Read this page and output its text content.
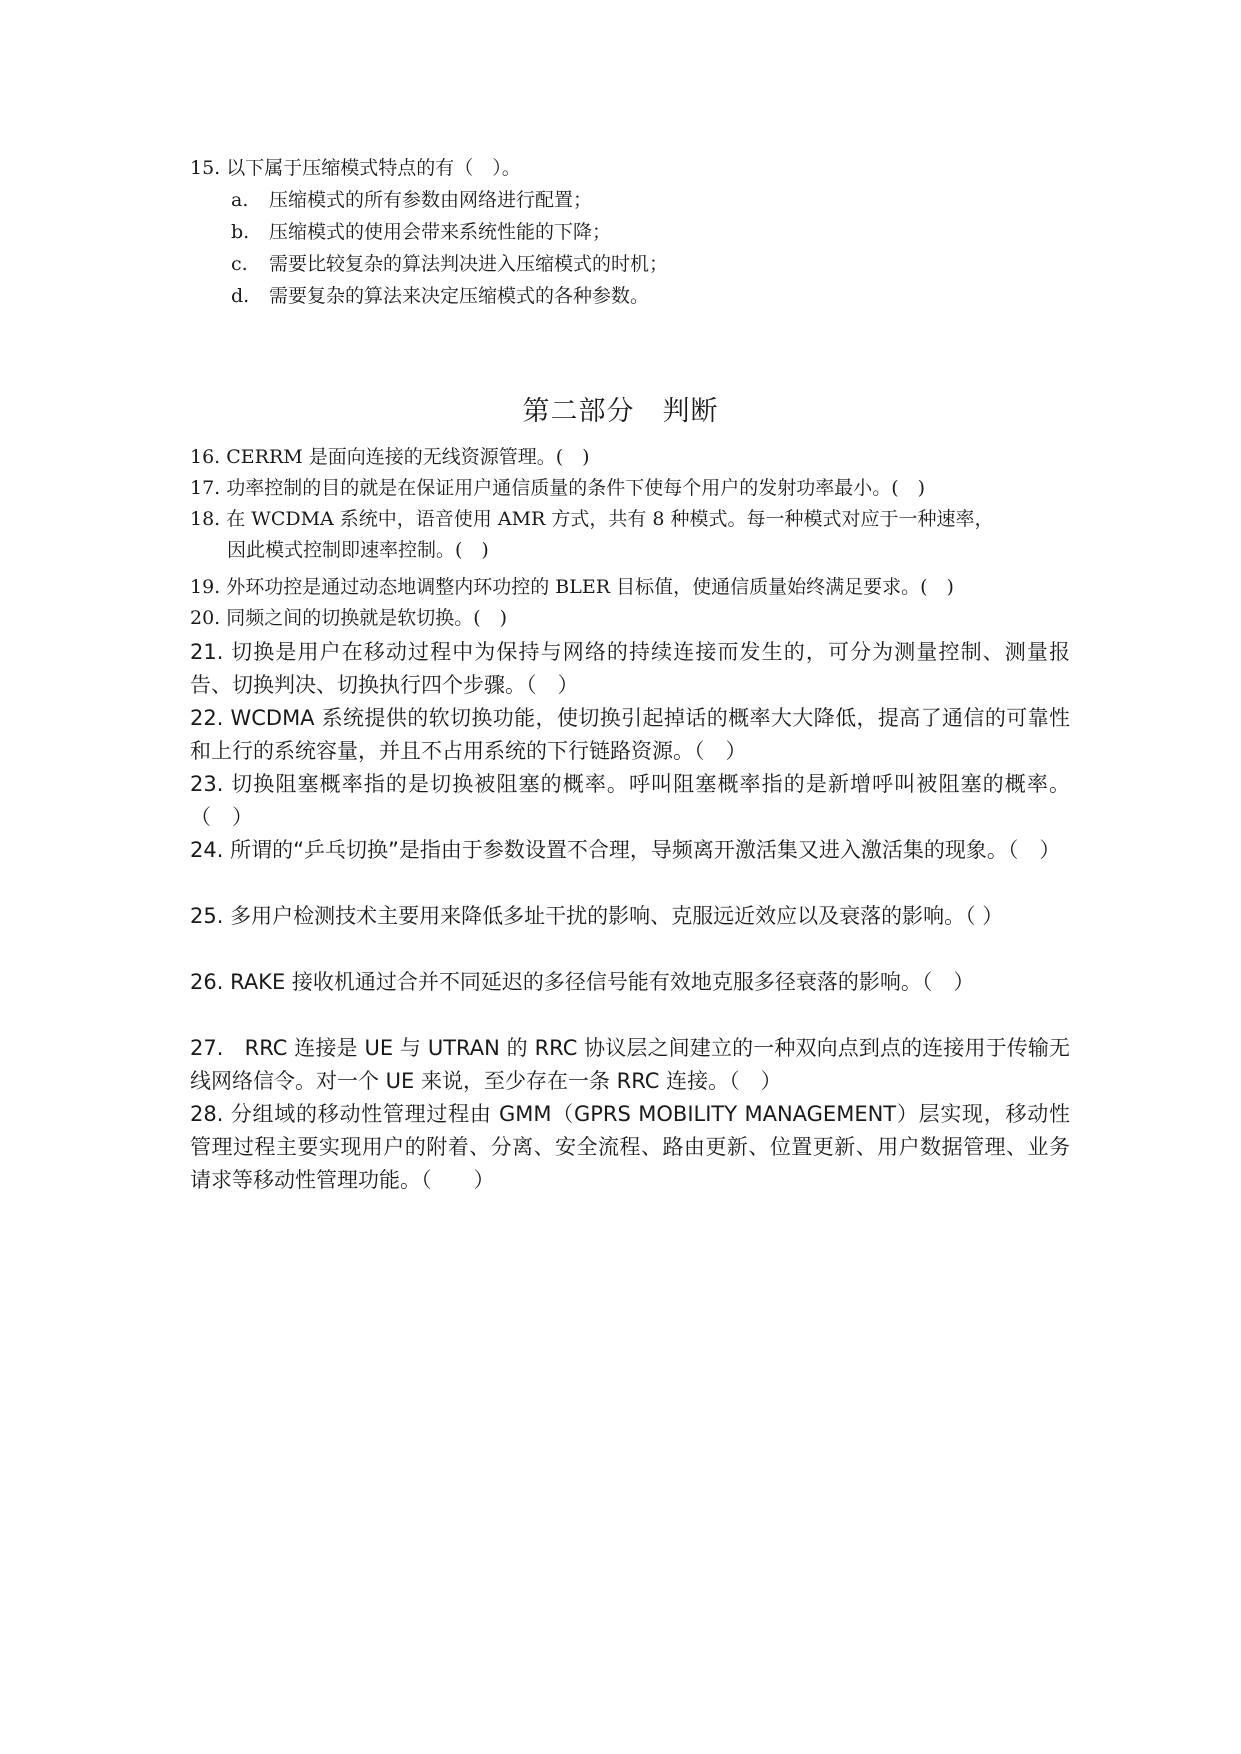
15. 以下属于压缩模式特点的有（　）。
a. 压缩模式的所有参数由网络进行配置；
b. 压缩模式的使用会带来系统性能的下降；
c. 需要比较复杂的算法判决进入压缩模式的时机；
d. 需要复杂的算法来决定压缩模式的各种参数。
第二部分　判断
16. CERRM 是面向连接的无线资源管理。(　)
17. 功率控制的目的就是在保证用户通信质量的条件下使每个用户的发射功率最小。(　)
18. 在 WCDMA 系统中，语音使用 AMR 方式，共有 8 种模式。每一种模式对应于一种速率，
因此模式控制即速率控制。(　)
19. 外环功控是通过动态地调整内环功控的 BLER 目标值，使通信质量始终满足要求。(　)
20. 同频之间的切换就是软切换。(　)
21. 切换是用户在移动过程中为保持与网络的持续连接而发生的，可分为测量控制、测量报告、切换判决、切换执行四个步骤。（　）
22. WCDMA 系统提供的软切换功能，使切换引起掉话的概率大大降低，提高了通信的可靠性和上行的系统容量，并且不占用系统的下行链路资源。（　）
23. 切换阻塞概率指的是切换被阻塞的概率。呼叫阻塞概率指的是新增呼叫被阻塞的概率。（　）
24. 所谓的“乒乓切换”是指由于参数设置不合理，导频离开激活集又进入激活集的现象。（　）
25. 多用户检测技术主要用来降低多址干扰的影响、克服远近效应以及衰落的影响。（ ）
26. RAKE 接收机通过合并不同延迟的多径信号能有效地克服多径衰落的影响。（　）
27.　RRC 连接是 UE 与 UTRAN 的 RRC 协议层之间建立的一种双向点到点的连接用于传输无线网络信令。对一个 UE 来说，至少存在一条 RRC 连接。（　）
28. 分组域的移动性管理过程由 GMM（GPRS MOBILITY MANAGEMENT）层实现，移动性管理过程主要实现用户的附着、分离、安全流程、路由更新、位置更新、用户数据管理、业务请求等移动性管理功能。（　　）
